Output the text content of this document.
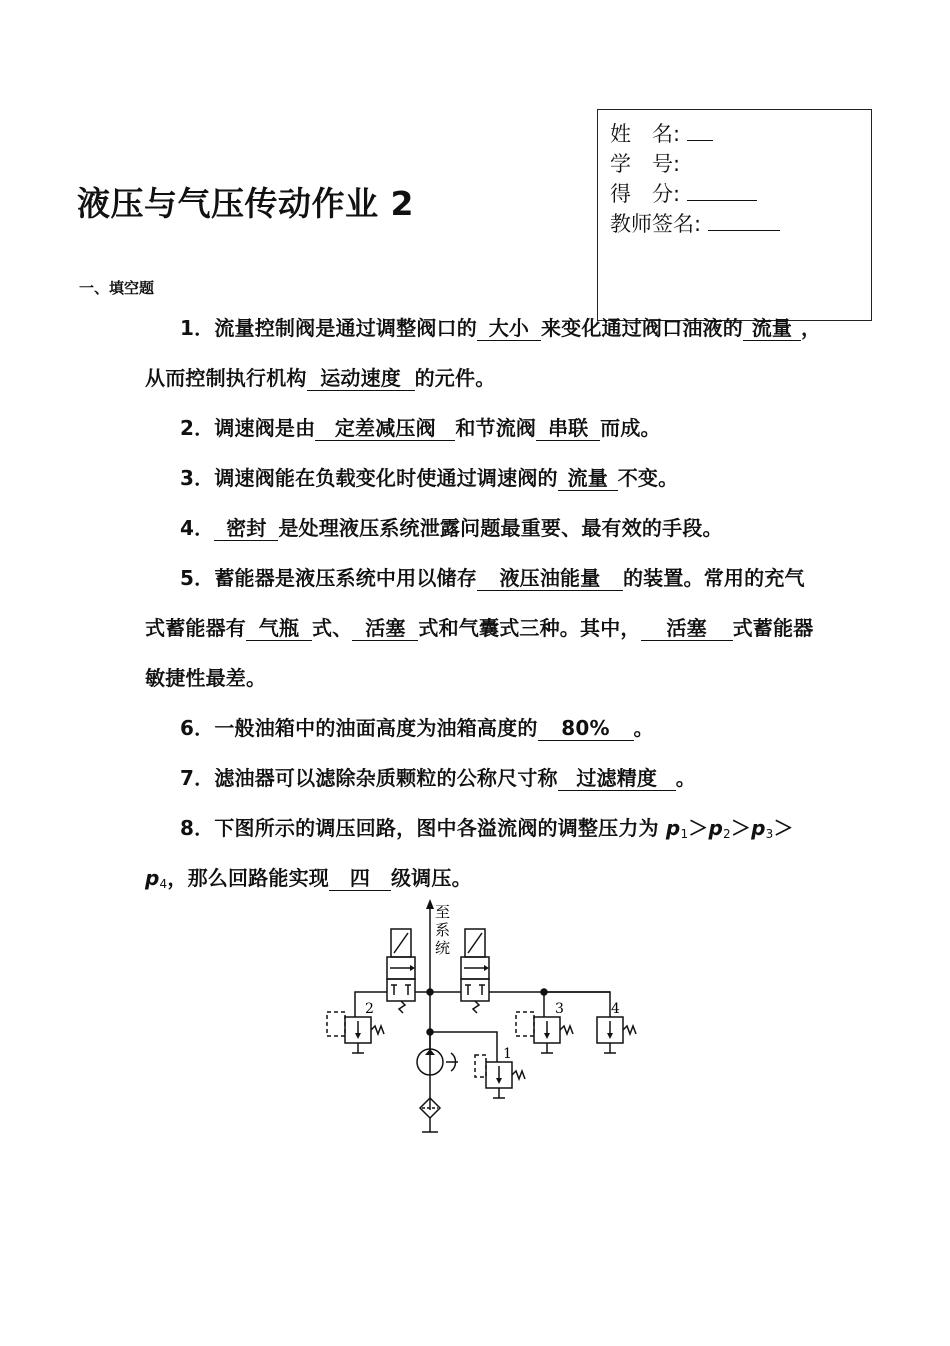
液压与气压传动作业 2
姓　名:
学　号:
得　分:
教师签名:
一、填空题
1．流量控制阀是通过调整阀口的 大小 来变化通过阀口油液的 流量 ，
从而控制执行机构 运动速度 的元件。
2．调速阀是由 定差减压阀 和节流阀 串联 而成。
3．调速阀能在负载变化时使通过调速阀的 流量 不变。
4． 密封 是处理液压系统泄露问题最重要、最有效的手段。
5．蓄能器是液压系统中用以储存 液压油能量 的装置。常用的充气
式蓄能器有 气瓶 式、 活塞 式和气囊式三种。其中， 活塞 式蓄能器
敏捷性最差。
6．一般油箱中的油面高度为油箱高度的 80% 。
7．滤油器可以滤除杂质颗粒的公称尺寸称 过滤精度 。
8．下图所示的调压回路，图中各溢流阀的调整压力为 $p_1>p_2>p_3>$
$p_4$，那么回路能实现 四 级调压。
至
系
统
2	3	4
1
